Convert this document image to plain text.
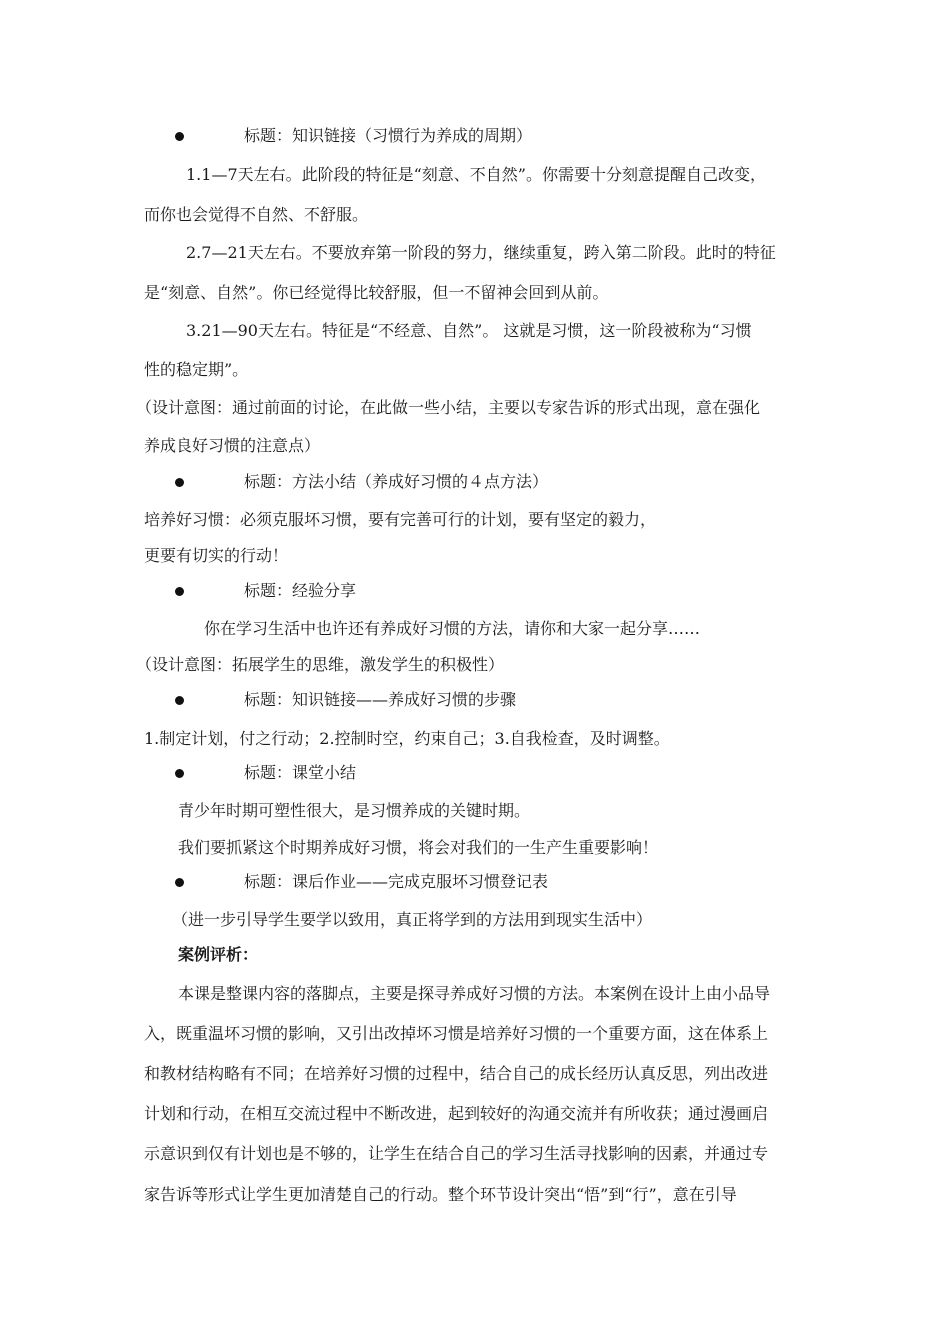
标题：知识链接（习惯行为养成的周期）
1.1—7天左右。此阶段的特征是“刻意、不自然”。你需要十分刻意提醒自己改变，
而你也会觉得不自然、不舒服。
2.7—21天左右。不要放弃第一阶段的努力，继续重复，跨入第二阶段。此时的特征
是“刻意、自然”。你已经觉得比较舒服，但一不留神会回到从前。
3.21—90天左右。特征是“不经意、自然”。 这就是习惯，这一阶段被称为“习惯
性的稳定期”。
（设计意图：通过前面的讨论，在此做一些小结，主要以专家告诉的形式出现，意在强化
养成良好习惯的注意点）
标题：方法小结（养成好习惯的４点方法）
培养好习惯：必须克服坏习惯，要有完善可行的计划，要有坚定的毅力，
更要有切实的行动！
标题：经验分享
你在学习生活中也许还有养成好习惯的方法，请你和大家一起分享……
（设计意图：拓展学生的思维，激发学生的积极性）
标题：知识链接——养成好习惯的步骤
1.制定计划，付之行动；2.控制时空，约束自己；3.自我检查，及时调整。
标题：课堂小结
青少年时期可塑性很大，是习惯养成的关键时期。
我们要抓紧这个时期养成好习惯，将会对我们的一生产生重要影响！
标题：课后作业——完成克服坏习惯登记表
（进一步引导学生要学以致用，真正将学到的方法用到现实生活中）
案例评析：
本课是整课内容的落脚点，主要是探寻养成好习惯的方法。本案例在设计上由小品导
入，既重温坏习惯的影响，又引出改掉坏习惯是培养好习惯的一个重要方面，这在体系上
和教材结构略有不同；在培养好习惯的过程中，结合自己的成长经历认真反思，列出改进
计划和行动，在相互交流过程中不断改进，起到较好的沟通交流并有所收获；通过漫画启
示意识到仅有计划也是不够的，让学生在结合自己的学习生活寻找影响的因素，并通过专
家告诉等形式让学生更加清楚自己的行动。整个环节设计突出“悟”到“行”，意在引导
